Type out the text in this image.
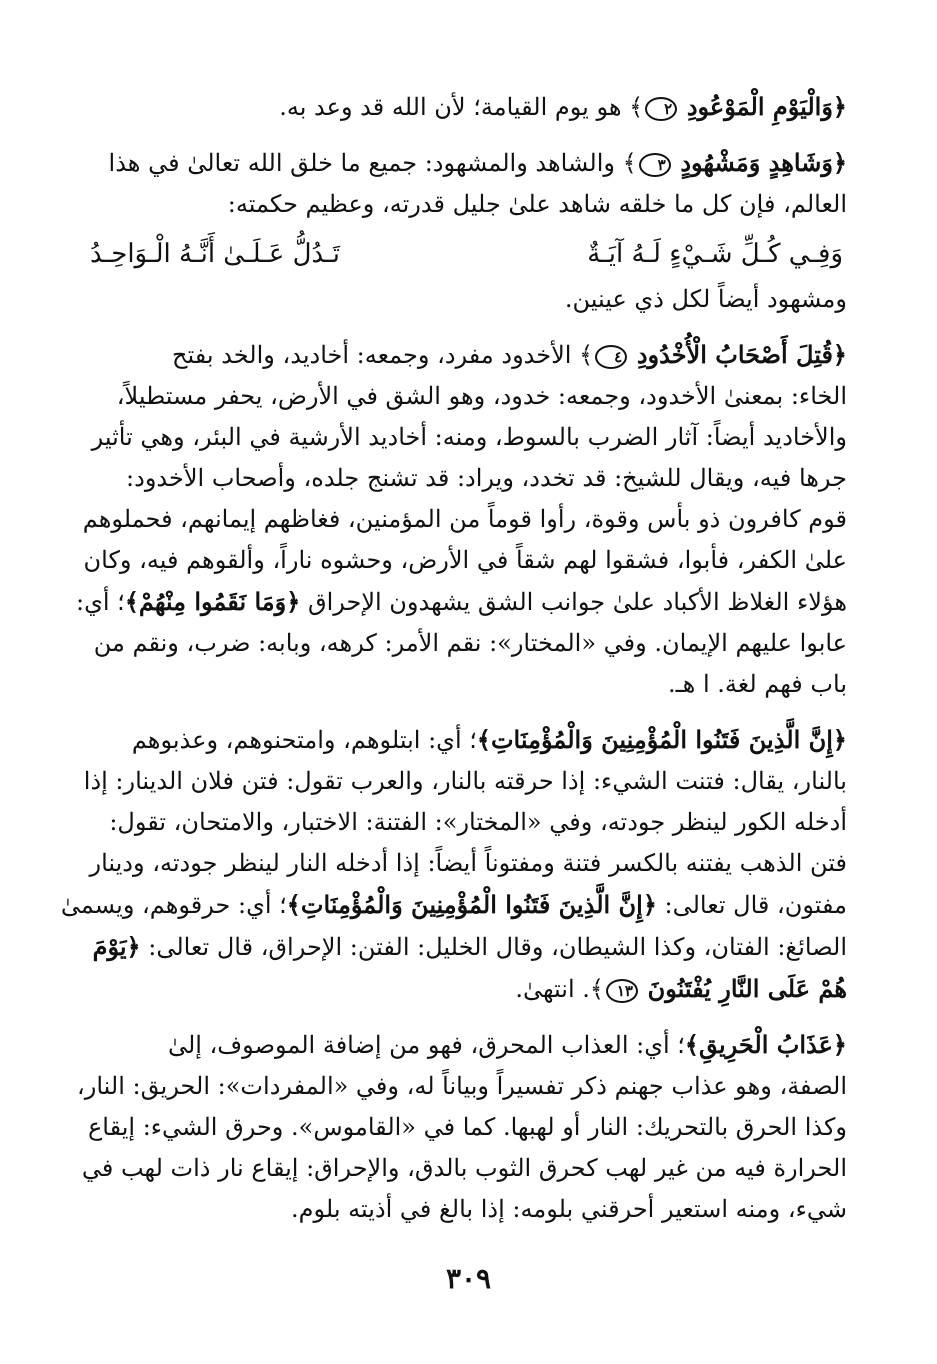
﴿وَالْيَوْمِ الْمَوْعُودِ ٢﴾ هو يوم القيامة؛ لأن الله قد وعد به.

﴿وَشَاهِدٍ وَمَشْهُودٍ ٣﴾ والشاهد والمشهود: جميع ما خلق الله تعالىٰ في هذا
العالم، فإن كل ما خلقه شاهد علىٰ جليل قدرته، وعظيم حكمته:

وَفِـي كُـلِّ شَـيْءٍ لَـهُ آيَـةٌ
تَـدُلُّ عَـلَـىٰ أَنَّـهُ الْـوَاحِـدُ

ومشهود أيضاً لكل ذي عينين.

﴿قُتِلَ أَصْحَابُ الْأُخْدُودِ ٤﴾ الأخدود مفرد، وجمعه: أخاديد، والخد بفتح
الخاء: بمعنىٰ الأخدود، وجمعه: خدود، وهو الشق في الأرض، يحفر مستطيلاً،
والأخاديد أيضاً: آثار الضرب بالسوط، ومنه: أخاديد الأرشية في البئر، وهي تأثير
جرها فيه، ويقال للشيخ: قد تخدد، ويراد: قد تشنج جلده، وأصحاب الأخدود:
قوم كافرون ذو بأس وقوة، رأوا قوماً من المؤمنين، فغاظهم إيمانهم، فحملوهم
علىٰ الكفر، فأبوا، فشقوا لهم شقاً في الأرض، وحشوه ناراً، وألقوهم فيه، وكان
هؤلاء الغلاظ الأكباد علىٰ جوانب الشق يشهدون الإحراق ﴿وَمَا نَقَمُوا مِنْهُمْ﴾؛ أي:
عابوا عليهم الإيمان. وفي «المختار»: نقم الأمر: كرهه، وبابه: ضرب، ونقم من
باب فهم لغة. ا هـ.

﴿إِنَّ الَّذِينَ فَتَنُوا الْمُؤْمِنِينَ وَالْمُؤْمِنَاتِ﴾؛ أي: ابتلوهم، وامتحنوهم، وعذبوهم
بالنار، يقال: فتنت الشيء: إذا حرقته بالنار، والعرب تقول: فتن فلان الدينار: إذا
أدخله الكور لينظر جودته، وفي «المختار»: الفتنة: الاختبار، والامتحان، تقول:
فتن الذهب يفتنه بالكسر فتنة ومفتوناً أيضاً: إذا أدخله النار لينظر جودته، ودينار
مفتون، قال تعالى: ﴿إِنَّ الَّذِينَ فَتَنُوا الْمُؤْمِنِينَ وَالْمُؤْمِنَاتِ﴾؛ أي: حرقوهم، ويسمىٰ
الصائغ: الفتان، وكذا الشيطان، وقال الخليل: الفتن: الإحراق، قال تعالى: ﴿يَوْمَ
هُمْ عَلَى النَّارِ يُفْتَنُونَ ١٣﴾. انتهىٰ.

﴿عَذَابُ الْحَرِيقِ﴾؛ أي: العذاب المحرق، فهو من إضافة الموصوف، إلىٰ
الصفة، وهو عذاب جهنم ذكر تفسيراً وبياناً له، وفي «المفردات»: الحريق: النار،
وكذا الحرق بالتحريك: النار أو لهبها. كما في «القاموس». وحرق الشيء: إيقاع
الحرارة فيه من غير لهب كحرق الثوب بالدق، والإحراق: إيقاع نار ذات لهب في
شيء، ومنه استعير أحرقني بلومه: إذا بالغ في أذيته بلوم.

٣٠٩
